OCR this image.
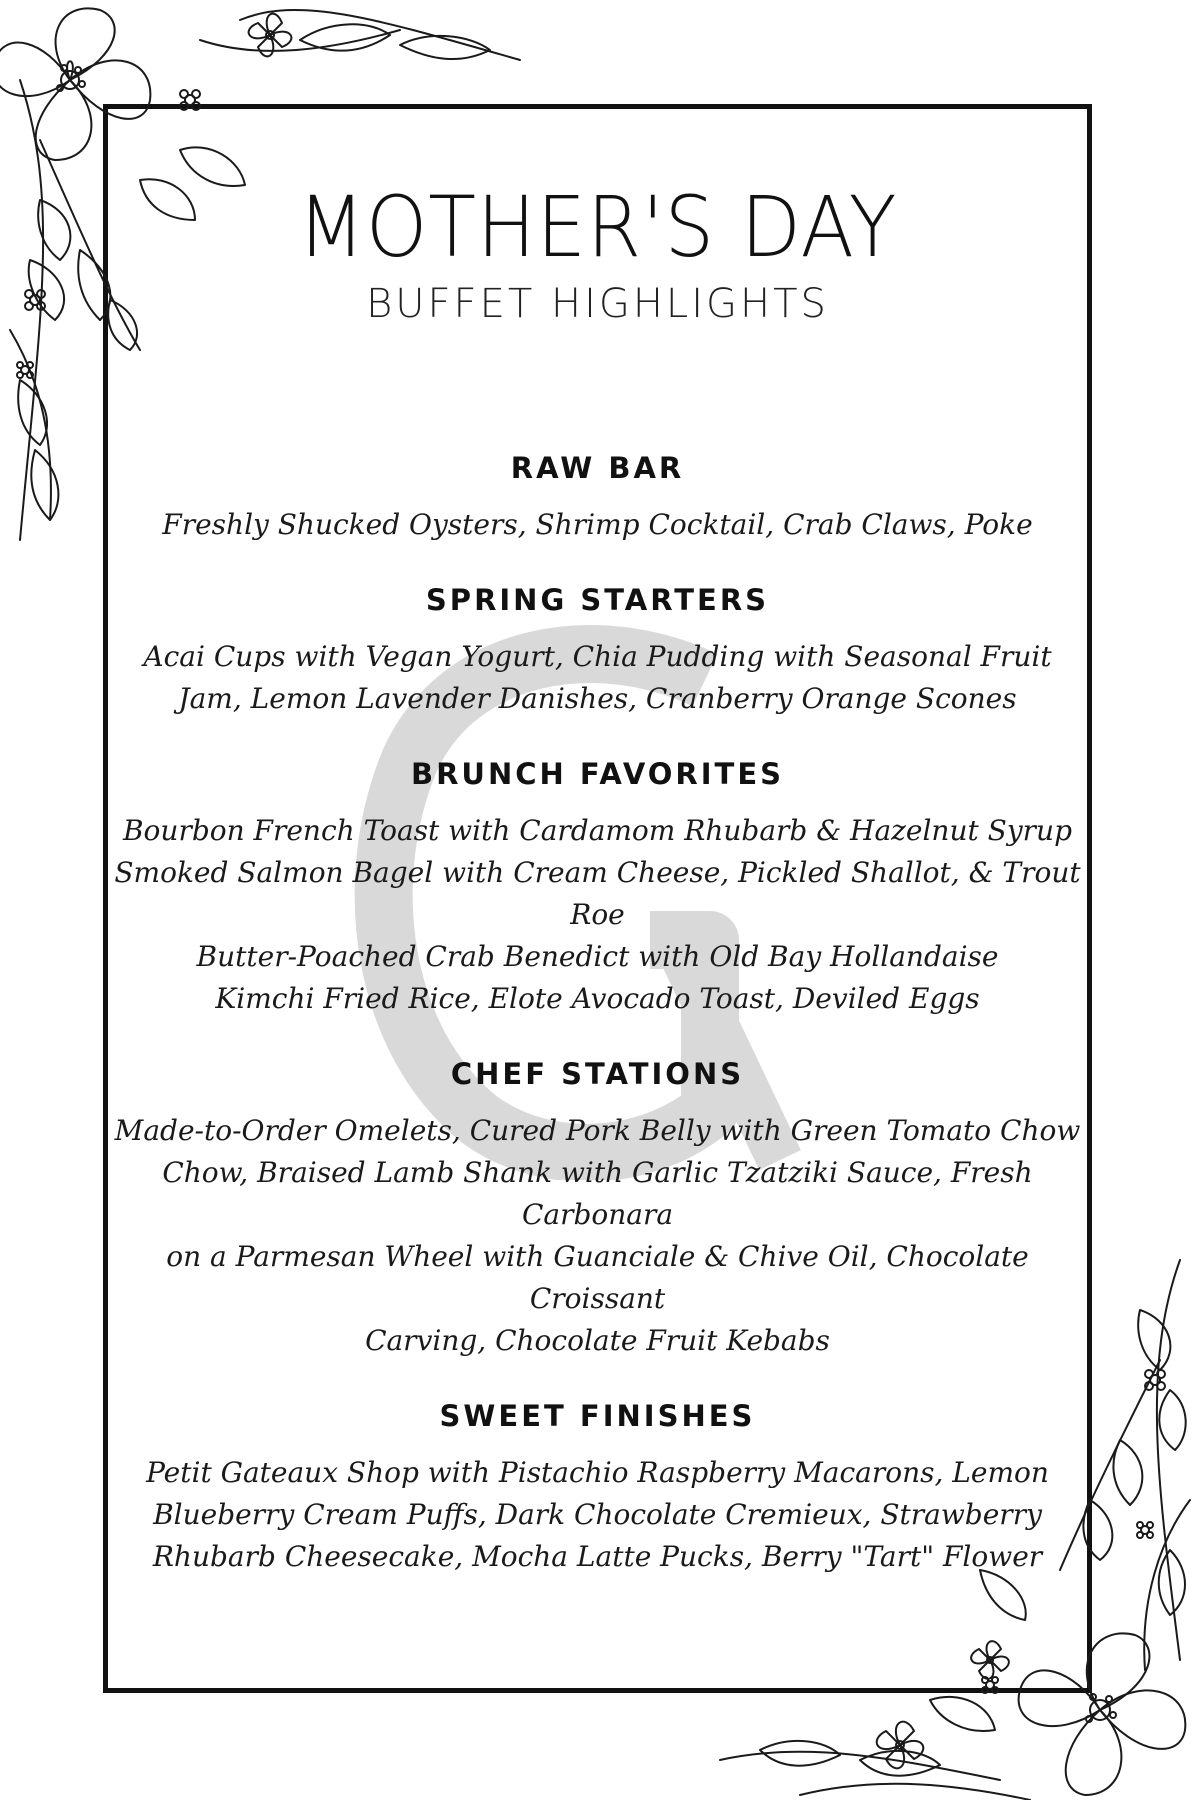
MOTHER'S DAY
BUFFET HIGHLIGHTS
RAW BAR

Freshly Shucked Oysters, Shrimp Cocktail, Crab Claws, Poke

SPRING STARTERS

Acai Cups with Vegan Yogurt, Chia Pudding with Seasonal Fruit
Jam, Lemon Lavender Danishes, Cranberry Orange Scones

BRUNCH FAVORITES

Bourbon French Toast with Cardamom Rhubarb & Hazelnut Syrup
Smoked Salmon Bagel with Cream Cheese, Pickled Shallot, & Trout Roe
Butter-Poached Crab Benedict with Old Bay Hollandaise
Kimchi Fried Rice, Elote Avocado Toast, Deviled Eggs

CHEF STATIONS

Made-to-Order Omelets, Cured Pork Belly with Green Tomato Chow
Chow, Braised Lamb Shank with Garlic Tzatziki Sauce, Fresh Carbonara
on a Parmesan Wheel with Guanciale & Chive Oil, Chocolate Croissant
Carving, Chocolate Fruit Kebabs

SWEET FINISHES

Petit Gateaux Shop with Pistachio Raspberry Macarons, Lemon
Blueberry Cream Puffs, Dark Chocolate Cremieux, Strawberry
Rhubarb Cheesecake, Mocha Latte Pucks, Berry "Tart" Flower
